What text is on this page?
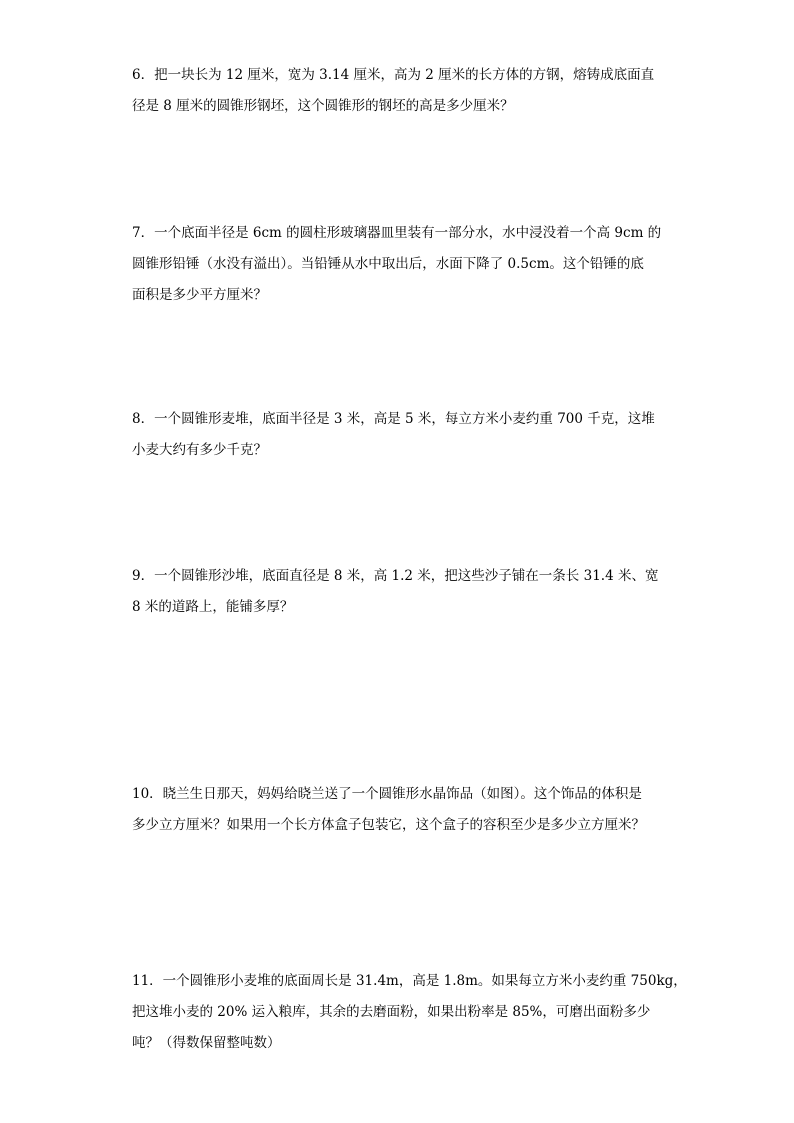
6．把一块长为 12 厘米，宽为 3.14 厘米，高为 2 厘米的长方体的方钢，熔铸成底面直
径是 8 厘米的圆锥形钢坯，这个圆锥形的钢坯的高是多少厘米？
7．一个底面半径是 6cm 的圆柱形玻璃器皿里装有一部分水，水中浸没着一个高 9cm 的
圆锥形铅锤（水没有溢出）。当铅锤从水中取出后，水面下降了 0.5cm。这个铅锤的底
面积是多少平方厘米？
8．一个圆锥形麦堆，底面半径是 3 米，高是 5 米，每立方米小麦约重 700 千克，这堆
小麦大约有多少千克？
9．一个圆锥形沙堆，底面直径是 8 米，高 1.2 米，把这些沙子铺在一条长 31.4 米、宽
8 米的道路上，能铺多厚？
10．晓兰生日那天，妈妈给晓兰送了一个圆锥形水晶饰品（如图）。这个饰品的体积是
多少立方厘米？如果用一个长方体盒子包装它，这个盒子的容积至少是多少立方厘米？
11．一个圆锥形小麦堆的底面周长是 31.4m，高是 1.8m。如果每立方米小麦约重 750kg，
把这堆小麦的 20% 运入粮库，其余的去磨面粉，如果出粉率是 85%，可磨出面粉多少
吨？（得数保留整吨数）
